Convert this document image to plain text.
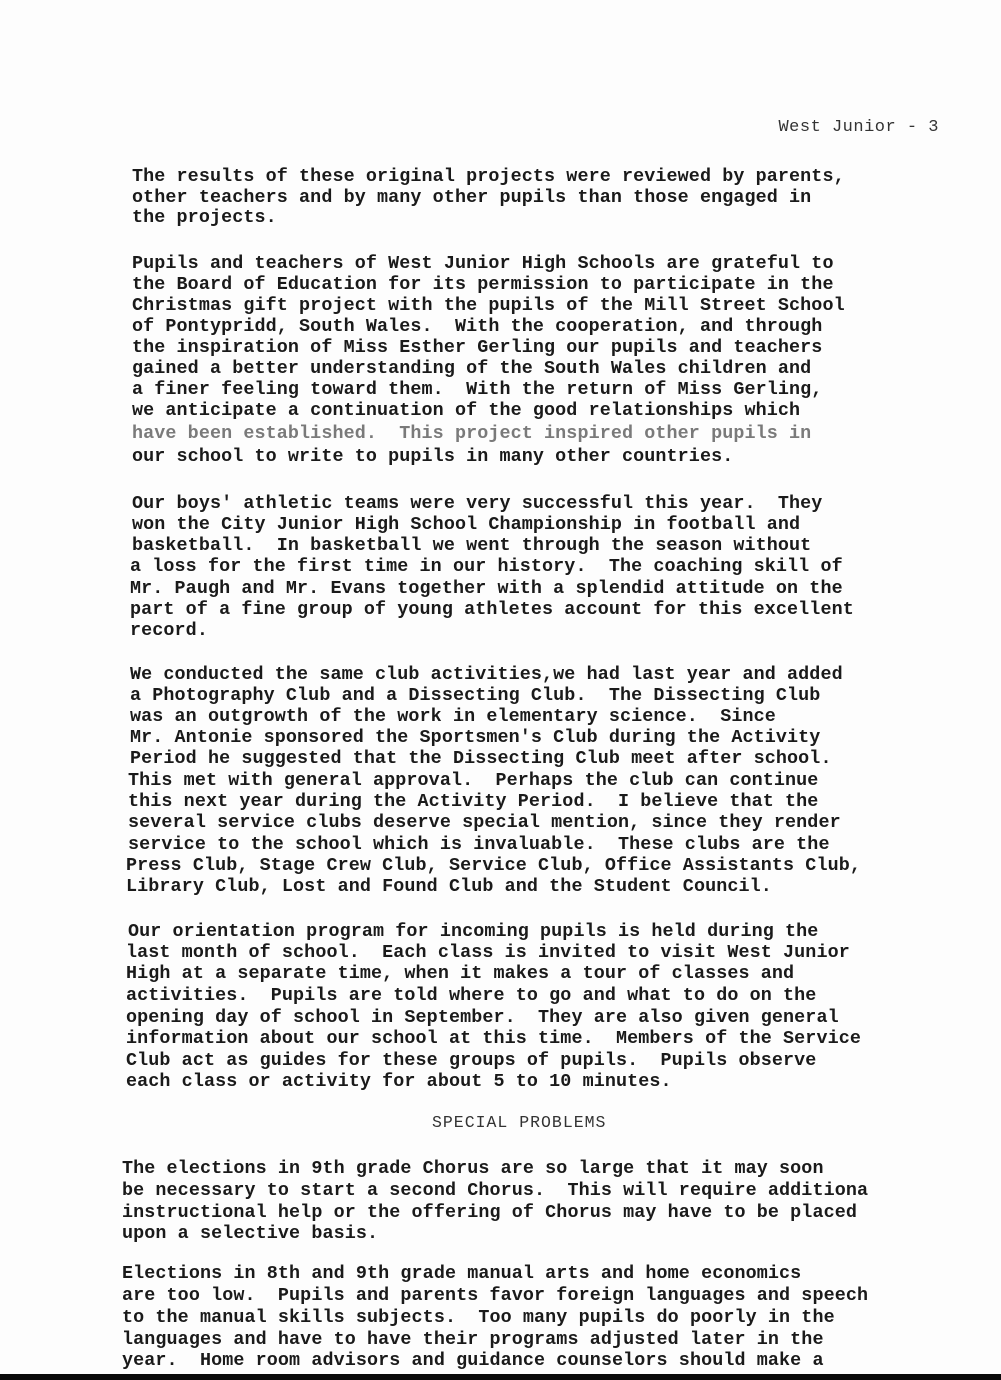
West Junior - 3
The results of these original projects were reviewed by parents,
other teachers and by many other pupils than those engaged in
the projects.
Pupils and teachers of West Junior High Schools are grateful to
the Board of Education for its permission to participate in the
Christmas gift project with the pupils of the Mill Street School
of Pontypridd, South Wales.  With the cooperation, and through
the inspiration of Miss Esther Gerling our pupils and teachers
gained a better understanding of the South Wales children and
a finer feeling toward them.  With the return of Miss Gerling,
we anticipate a continuation of the good relationships which
have been established.  This project inspired other pupils in
our school to write to pupils in many other countries.
Our boys' athletic teams were very successful this year.  They
won the City Junior High School Championship in football and
basketball.  In basketball we went through the season without
a loss for the first time in our history.  The coaching skill of
Mr. Paugh and Mr. Evans together with a splendid attitude on the
part of a fine group of young athletes account for this excellent
record.
We conducted the same club activities,we had last year and added
a Photography Club and a Dissecting Club.  The Dissecting Club
was an outgrowth of the work in elementary science.  Since
Mr. Antonie sponsored the Sportsmen's Club during the Activity
Period he suggested that the Dissecting Club meet after school.
This met with general approval.  Perhaps the club can continue
this next year during the Activity Period.  I believe that the
several service clubs deserve special mention, since they render
service to the school which is invaluable.  These clubs are the
Press Club, Stage Crew Club, Service Club, Office Assistants Club,
Library Club, Lost and Found Club and the Student Council.
Our orientation program for incoming pupils is held during the
last month of school.  Each class is invited to visit West Junior
High at a separate time, when it makes a tour of classes and
activities.  Pupils are told where to go and what to do on the
opening day of school in September.  They are also given general
information about our school at this time.  Members of the Service
Club act as guides for these groups of pupils.  Pupils observe
each class or activity for about 5 to 10 minutes.
SPECIAL PROBLEMS
The elections in 9th grade Chorus are so large that it may soon
be necessary to start a second Chorus.  This will require additiona
instructional help or the offering of Chorus may have to be placed
upon a selective basis.
Elections in 8th and 9th grade manual arts and home economics
are too low.  Pupils and parents favor foreign languages and speech
to the manual skills subjects.  Too many pupils do poorly in the
languages and have to have their programs adjusted later in the
year.  Home room advisors and guidance counselors should make a
